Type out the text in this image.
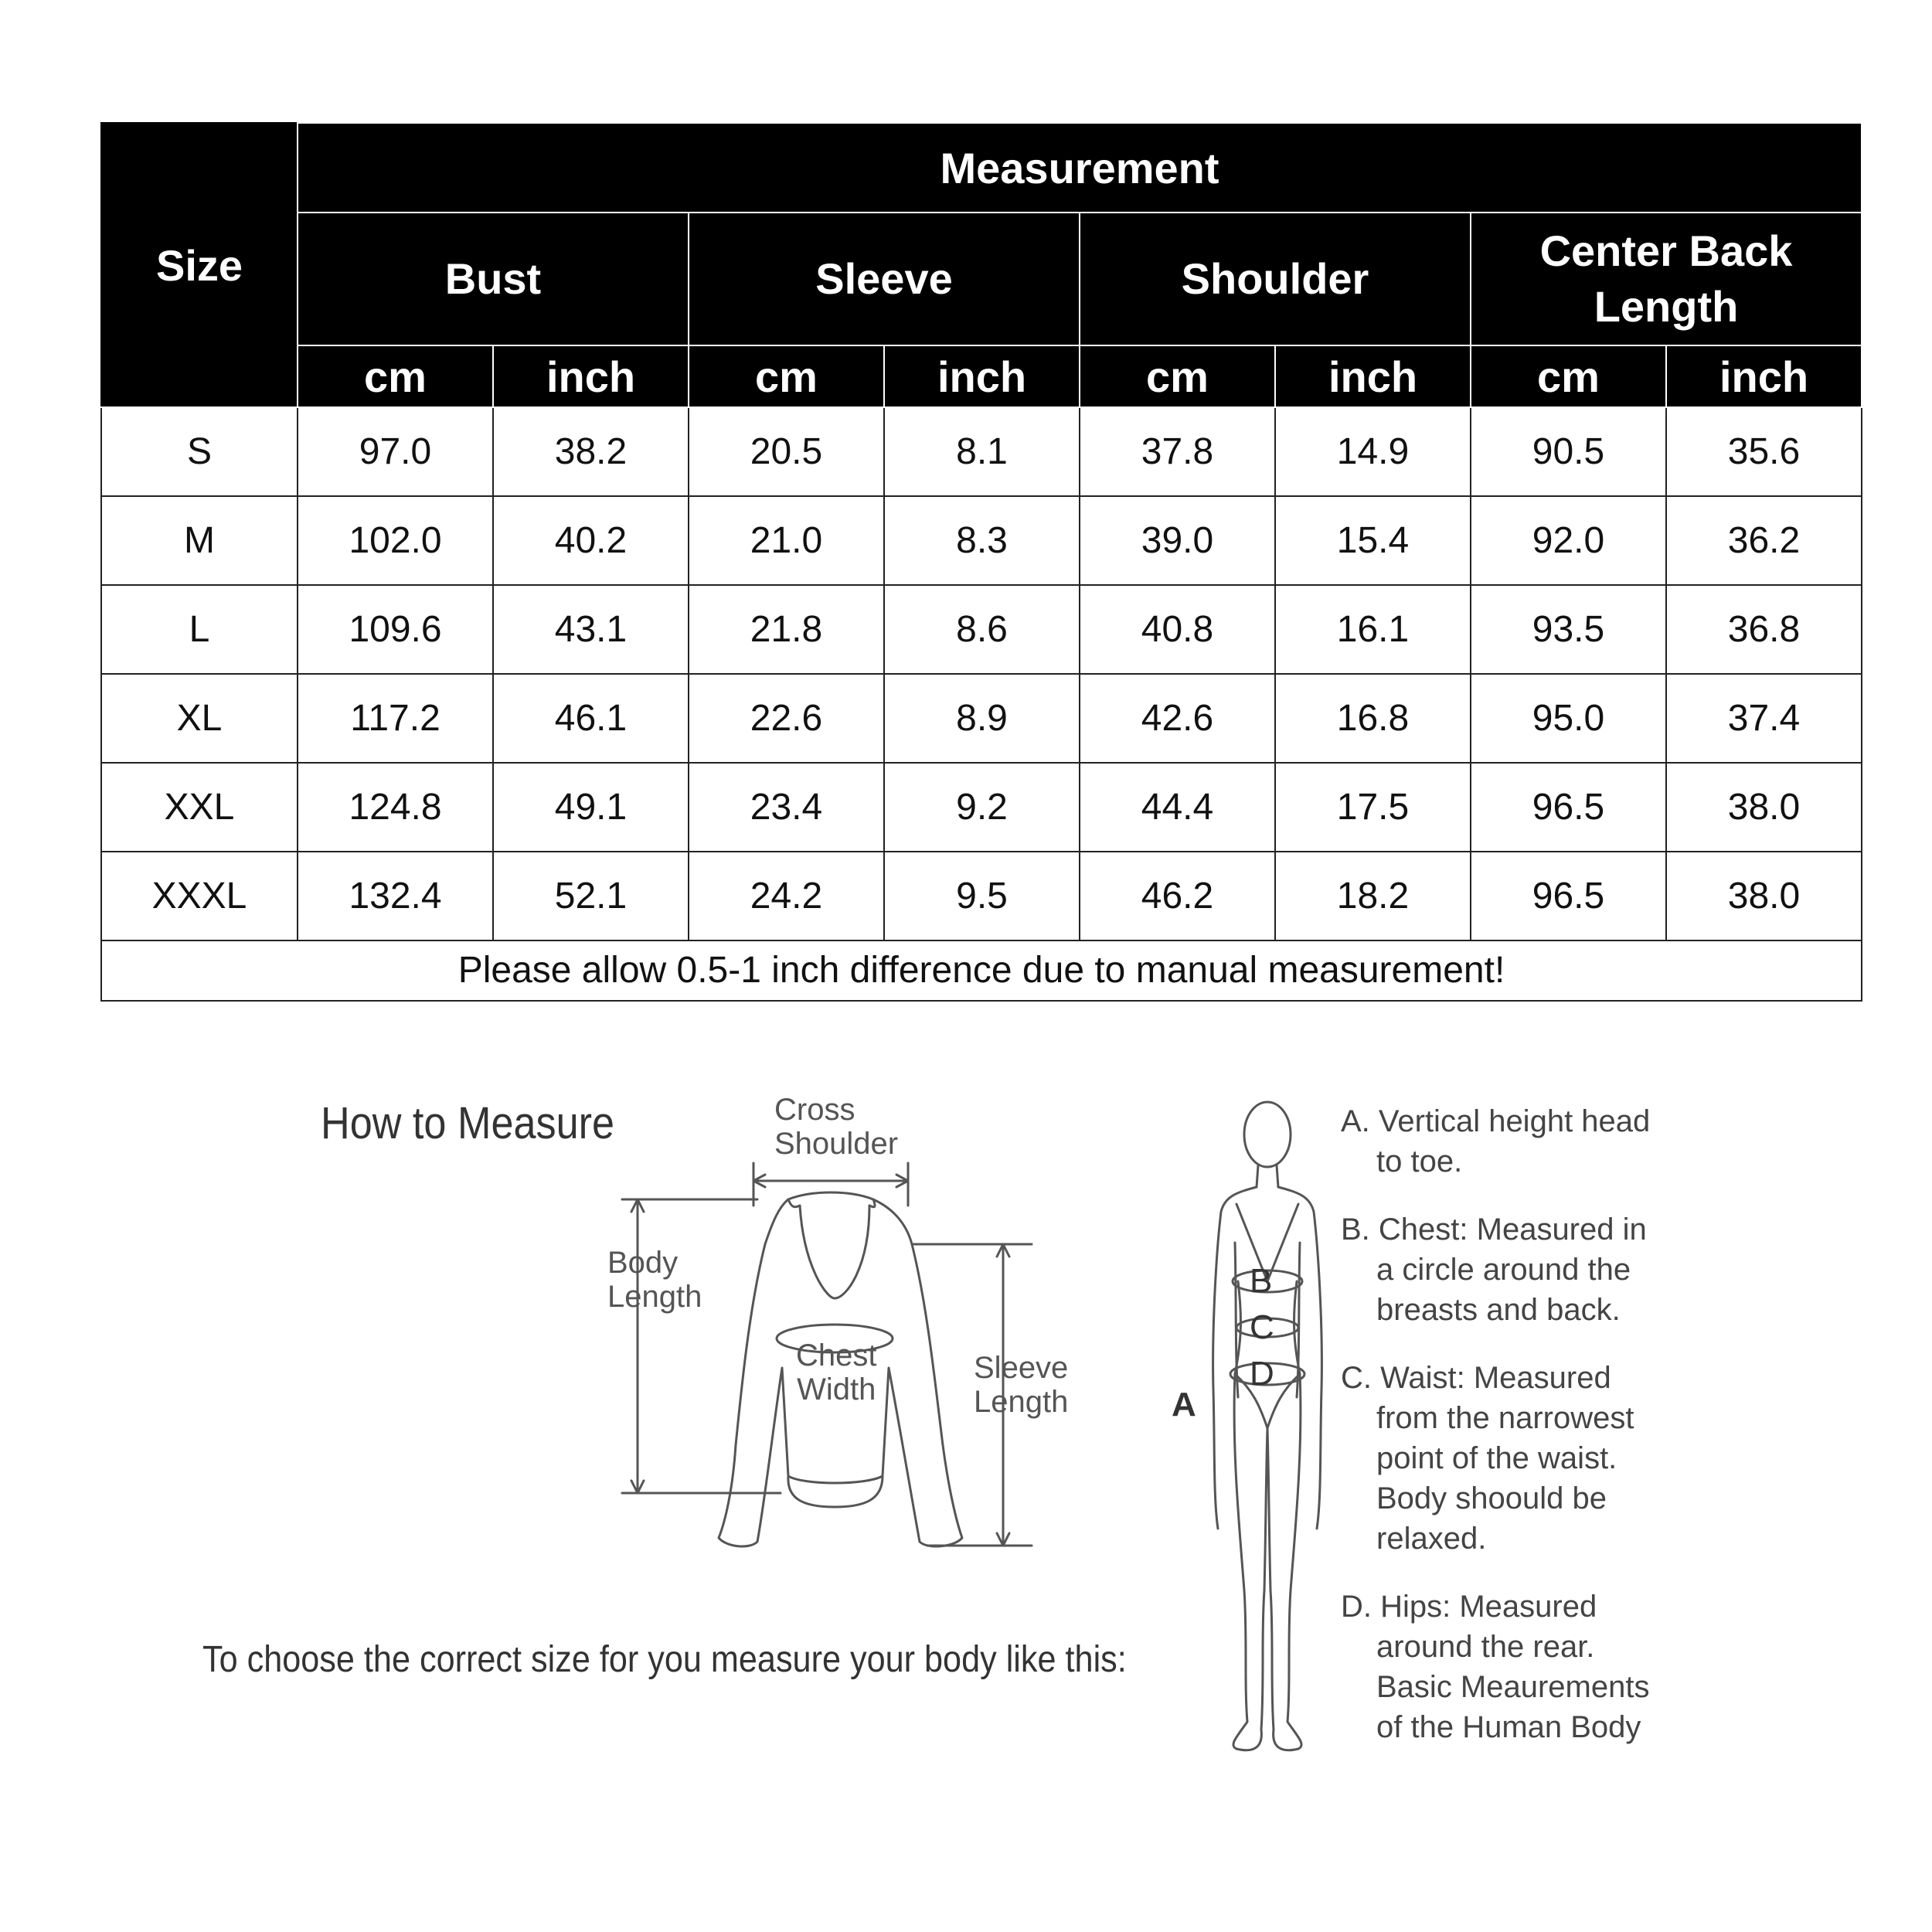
Size	Measurement							
	Bust		Sleeve		Shoulder		Center Back Length	
	cm	inch	cm	inch	cm	inch	cm	inch
S	97.0	38.2	20.5	8.1	37.8	14.9	90.5	35.6
M	102.0	40.2	21.0	8.3	39.0	15.4	92.0	36.2
L	109.6	43.1	21.8	8.6	40.8	16.1	93.5	36.8
XL	117.2	46.1	22.6	8.9	42.6	16.8	95.0	37.4
XXL	124.8	49.1	23.4	9.2	44.4	17.5	96.5	38.0
XXXL	132.4	52.1	24.2	9.5	46.2	18.2	96.5	38.0
Please allow 0.5-1 inch difference due to manual measurement!								
How to Measure	Cross
Shoulder
Body
Length
Chest
Width
Sleeve
Length
B
C
D
A
A. Vertical height head to toe.
B. Chest: Measured in a circle around the breasts and back.
C. Waist: Measured from the narrowest point of the waist. Body shoould be relaxed.
D. Hips: Measured around the rear. Basic Meaurements of the Human Body
To choose the correct size for you measure your body like this:
